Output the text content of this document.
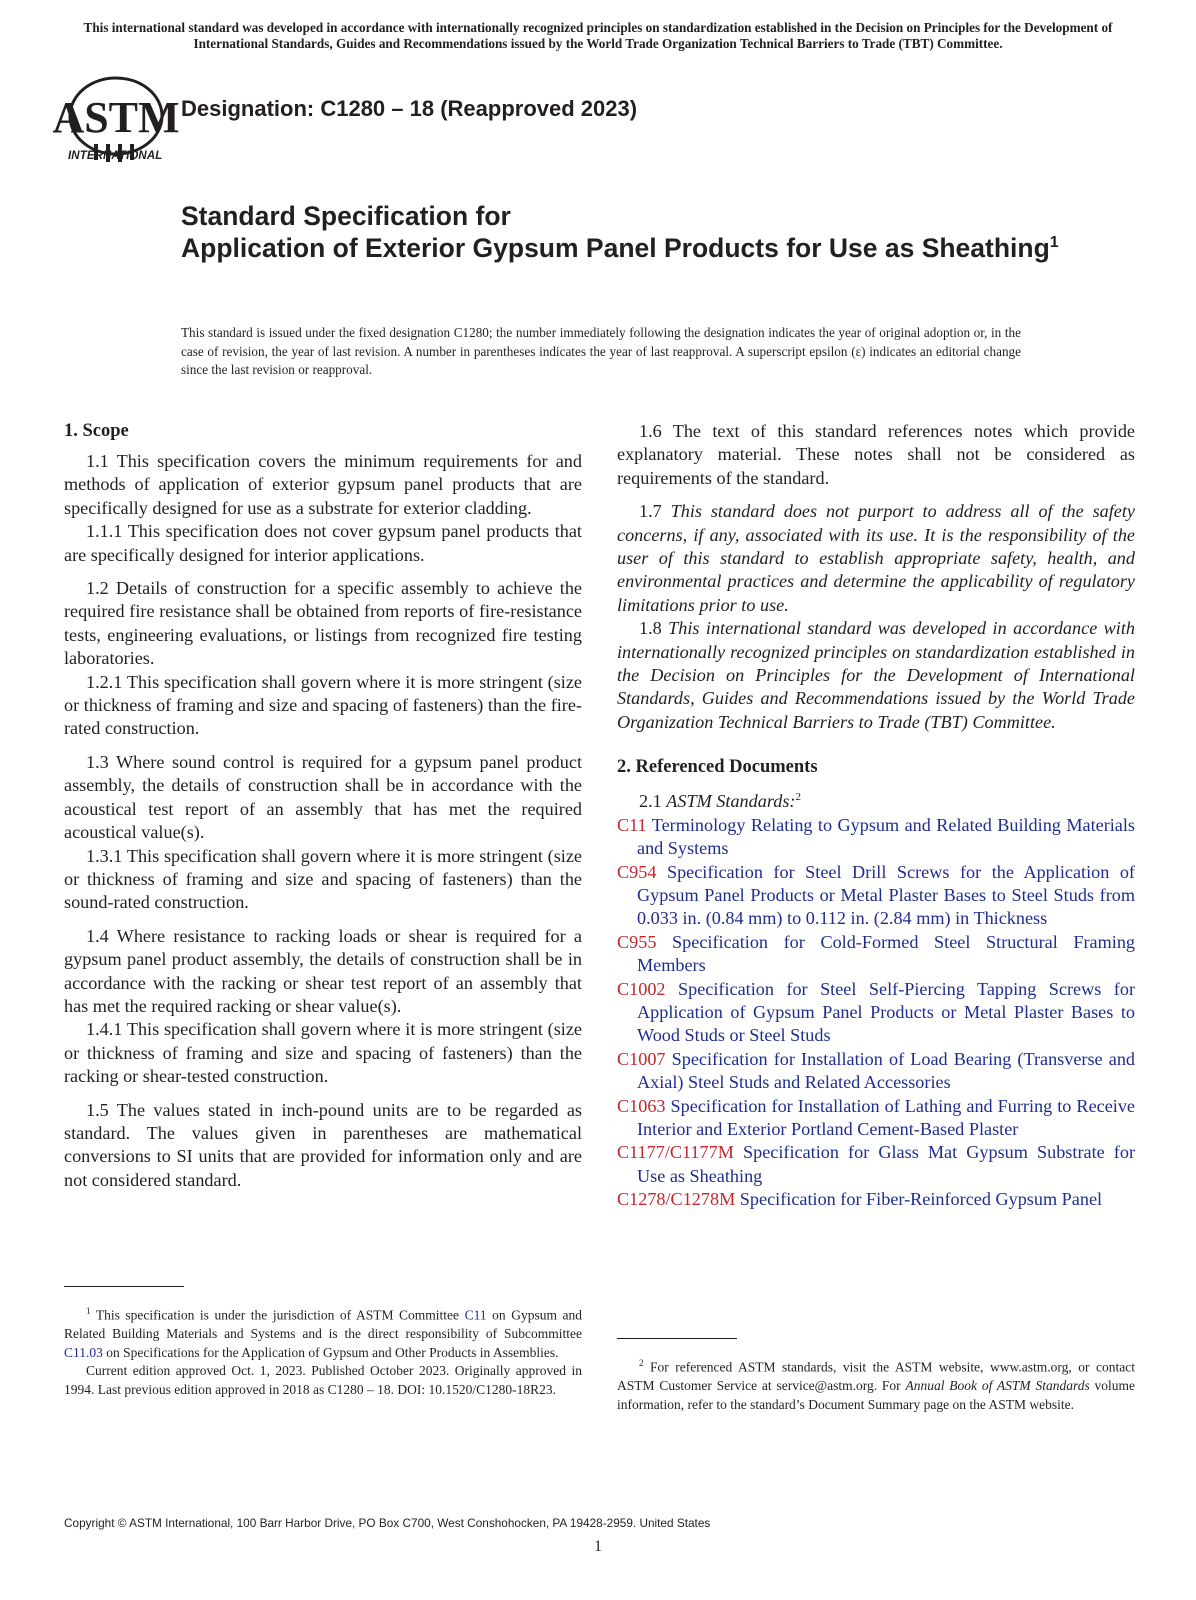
This international standard was developed in accordance with internationally recognized principles on standardization established in the Decision on Principles for the Development of International Standards, Guides and Recommendations issued by the World Trade Organization Technical Barriers to Trade (TBT) Committee.
ASTM
INTERNATIONAL
Designation: C1280 – 18 (Reapproved 2023)
Standard Specification for
Application of Exterior Gypsum Panel Products for Use as Sheathing$^1$
This standard is issued under the fixed designation C1280; the number immediately following the designation indicates the year of original adoption or, in the case of revision, the year of last revision. A number in parentheses indicates the year of last reapproval. A superscript epsilon (ε) indicates an editorial change since the last revision or reapproval.
1. Scope

1.1 This specification covers the minimum requirements for and methods of application of exterior gypsum panel products that are specifically designed for use as a substrate for exterior cladding.

1.1.1 This specification does not cover gypsum panel products that are specifically designed for interior applications.

1.2 Details of construction for a specific assembly to achieve the required fire resistance shall be obtained from reports of fire-resistance tests, engineering evaluations, or listings from recognized fire testing laboratories.

1.2.1 This specification shall govern where it is more stringent (size or thickness of framing and size and spacing of fasteners) than the fire-rated construction.

1.3 Where sound control is required for a gypsum panel product assembly, the details of construction shall be in accordance with the acoustical test report of an assembly that has met the required acoustical value(s).

1.3.1 This specification shall govern where it is more stringent (size or thickness of framing and size and spacing of fasteners) than the sound-rated construction.

1.4 Where resistance to racking loads or shear is required for a gypsum panel product assembly, the details of construction shall be in accordance with the racking or shear test report of an assembly that has met the required racking or shear value(s).

1.4.1 This specification shall govern where it is more stringent (size or thickness of framing and size and spacing of fasteners) than the racking or shear-tested construction.

1.5 The values stated in inch-pound units are to be regarded as standard. The values given in parentheses are mathematical conversions to SI units that are provided for information only and are not considered standard.

1.6 The text of this standard references notes which provide explanatory material. These notes shall not be considered as requirements of the standard.

1.7 This standard does not purport to address all of the safety concerns, if any, associated with its use. It is the responsibility of the user of this standard to establish appropriate safety, health, and environmental practices and determine the applicability of regulatory limitations prior to use.

1.8 This international standard was developed in accordance with internationally recognized principles on standardization established in the Decision on Principles for the Development of International Standards, Guides and Recommendations issued by the World Trade Organization Technical Barriers to Trade (TBT) Committee.

2. Referenced Documents

2.1 ASTM Standards:$^2$

C11 Terminology Relating to Gypsum and Related Building Materials and Systems
C954 Specification for Steel Drill Screws for the Application of Gypsum Panel Products or Metal Plaster Bases to Steel Studs from 0.033 in. (0.84 mm) to 0.112 in. (2.84 mm) in Thickness
C955 Specification for Cold-Formed Steel Structural Framing Members
C1002 Specification for Steel Self-Piercing Tapping Screws for Application of Gypsum Panel Products or Metal Plaster Bases to Wood Studs or Steel Studs
C1007 Specification for Installation of Load Bearing (Transverse and Axial) Steel Studs and Related Accessories
C1063 Specification for Installation of Lathing and Furring to Receive Interior and Exterior Portland Cement-Based Plaster
C1177/C1177M Specification for Glass Mat Gypsum Substrate for Use as Sheathing
C1278/C1278M Specification for Fiber-Reinforced Gypsum Panel

$^1$ This specification is under the jurisdiction of ASTM Committee C11 on Gypsum and Related Building Materials and Systems and is the direct responsibility of Subcommittee C11.03 on Specifications for the Application of Gypsum and Other Products in Assemblies.

Current edition approved Oct. 1, 2023. Published October 2023. Originally approved in 1994. Last previous edition approved in 2018 as C1280 – 18. DOI: 10.1520/C1280-18R23.

$^2$ For referenced ASTM standards, visit the ASTM website, www.astm.org, or contact ASTM Customer Service at service@astm.org. For Annual Book of ASTM Standards volume information, refer to the standard’s Document Summary page on the ASTM website.

Copyright © ASTM International, 100 Barr Harbor Drive, PO Box C700, West Conshohocken, PA 19428-2959. United States
1
